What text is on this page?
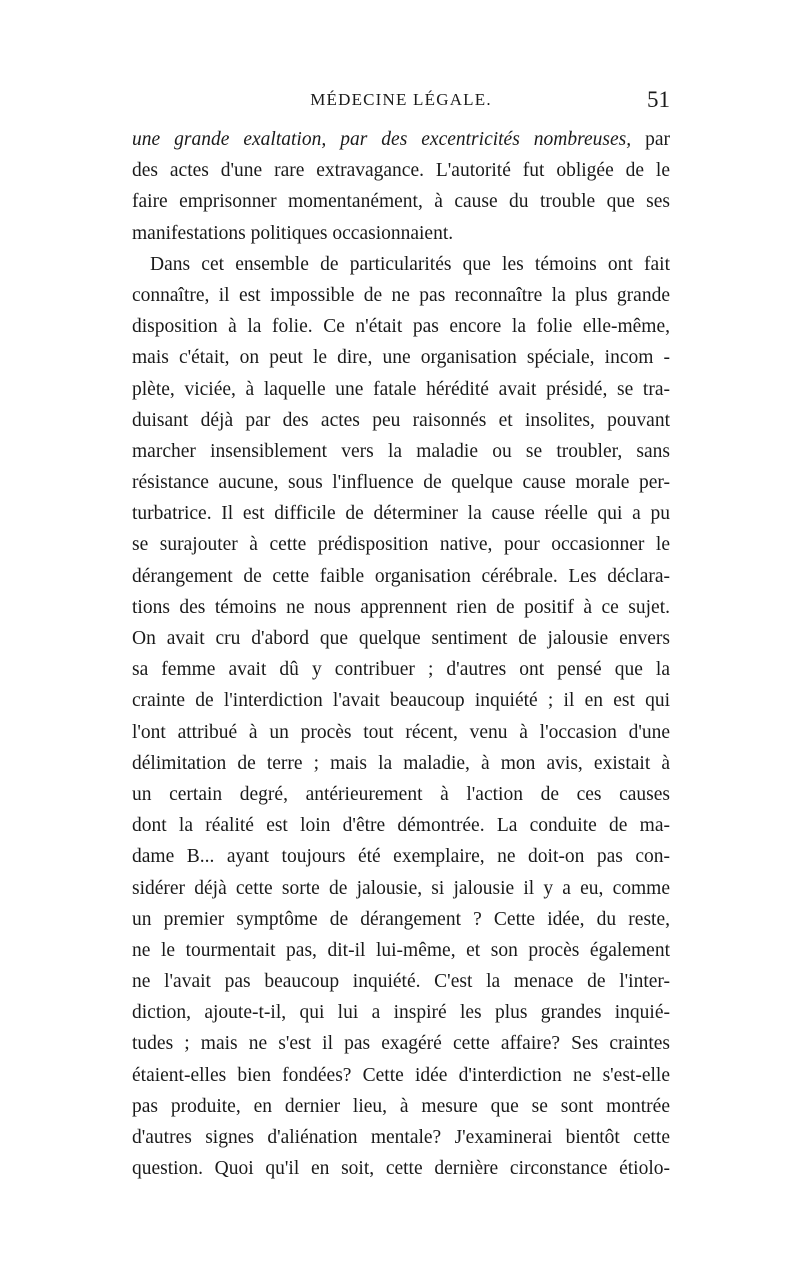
MÉDECINE LÉGALE.	51
une grande exaltation, par des excentricités nombreuses, par
des actes d'une rare extravagance. L'autorité fut obligée de le
faire emprisonner momentanément, à cause du trouble que ses
manifestations politiques occasionnaient.
Dans cet ensemble de particularités que les témoins ont fait
connaître, il est impossible de ne pas reconnaître la plus grande
disposition à la folie. Ce n'était pas encore la folie elle-même,
mais c'était, on peut le dire, une organisation spéciale, incom -
plète, viciée, à laquelle une fatale hérédité avait présidé, se tra-
duisant déjà par des actes peu raisonnés et insolites, pouvant
marcher insensiblement vers la maladie ou se troubler, sans
résistance aucune, sous l'influence de quelque cause morale per-
turbatrice. Il est difficile de déterminer la cause réelle qui a pu
se surajouter à cette prédisposition native, pour occasionner le
dérangement de cette faible organisation cérébrale. Les déclara-
tions des témoins ne nous apprennent rien de positif à ce sujet.
On avait cru d'abord que quelque sentiment de jalousie envers
sa femme avait dû y contribuer ; d'autres ont pensé que la
crainte de l'interdiction l'avait beaucoup inquiété ; il en est qui
l'ont attribué à un procès tout récent, venu à l'occasion d'une
délimitation de terre ; mais la maladie, à mon avis, existait à
un certain degré, antérieurement à l'action de ces causes
dont la réalité est loin d'être démontrée. La conduite de ma-
dame B... ayant toujours été exemplaire, ne doit-on pas con-
sidérer déjà cette sorte de jalousie, si jalousie il y a eu, comme
un premier symptôme de dérangement ? Cette idée, du reste,
ne le tourmentait pas, dit-il lui-même, et son procès également
ne l'avait pas beaucoup inquiété. C'est la menace de l'inter-
diction, ajoute-t-il, qui lui a inspiré les plus grandes inquié-
tudes ; mais ne s'est il pas exagéré cette affaire? Ses craintes
étaient-elles bien fondées? Cette idée d'interdiction ne s'est-elle
pas produite, en dernier lieu, à mesure que se sont montrée
d'autres signes d'aliénation mentale? J'examinerai bientôt cette
question. Quoi qu'il en soit, cette dernière circonstance étiolo-
